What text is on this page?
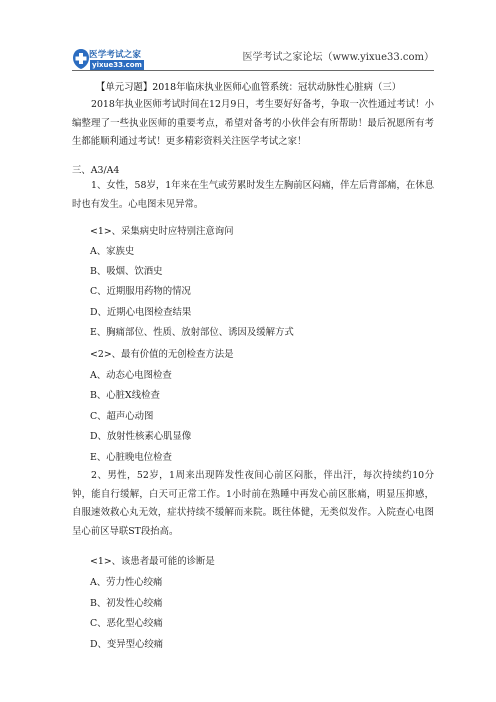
医学考试之家
yixue33.com
医学考试之家论坛（www.yixue33.com）
【单元习题】2018年临床执业医师心血管系统：冠状动脉性心脏病（三）
2018年执业医师考试时间在12月9日，考生要好好备考，争取一次性通过考试！小编整理了一些执业医师的重要考点，希望对备考的小伙伴会有所帮助！最后祝愿所有考生都能顺利通过考试！更多精彩资料关注医学考试之家！
三、A3/A4
1、女性，58岁，1年来在生气或劳累时发生左胸前区闷痛，伴左后背部痛，在休息时也有发生。心电图未见异常。
<1>、采集病史时应特别注意询问
A、家族史
B、吸烟、饮酒史
C、近期服用药物的情况
D、近期心电图检查结果
E、胸痛部位、性质、放射部位、诱因及缓解方式
<2>、最有价值的无创检查方法是
A、动态心电图检查
B、心脏X线检查
C、超声心动图
D、放射性核素心肌显像
E、心脏晚电位检查
2、男性，52岁，1周来出现阵发性夜间心前区闷胀，伴出汗，每次持续约10分钟，能自行缓解，白天可正常工作。1小时前在熟睡中再发心前区胀痛，明显压抑感，自服速效救心丸无效，症状持续不缓解而来院。既往体健，无类似发作。入院查心电图呈心前区导联ST段抬高。
<1>、该患者最可能的诊断是
A、劳力性心绞痛
B、初发性心绞痛
C、恶化型心绞痛
D、变异型心绞痛
